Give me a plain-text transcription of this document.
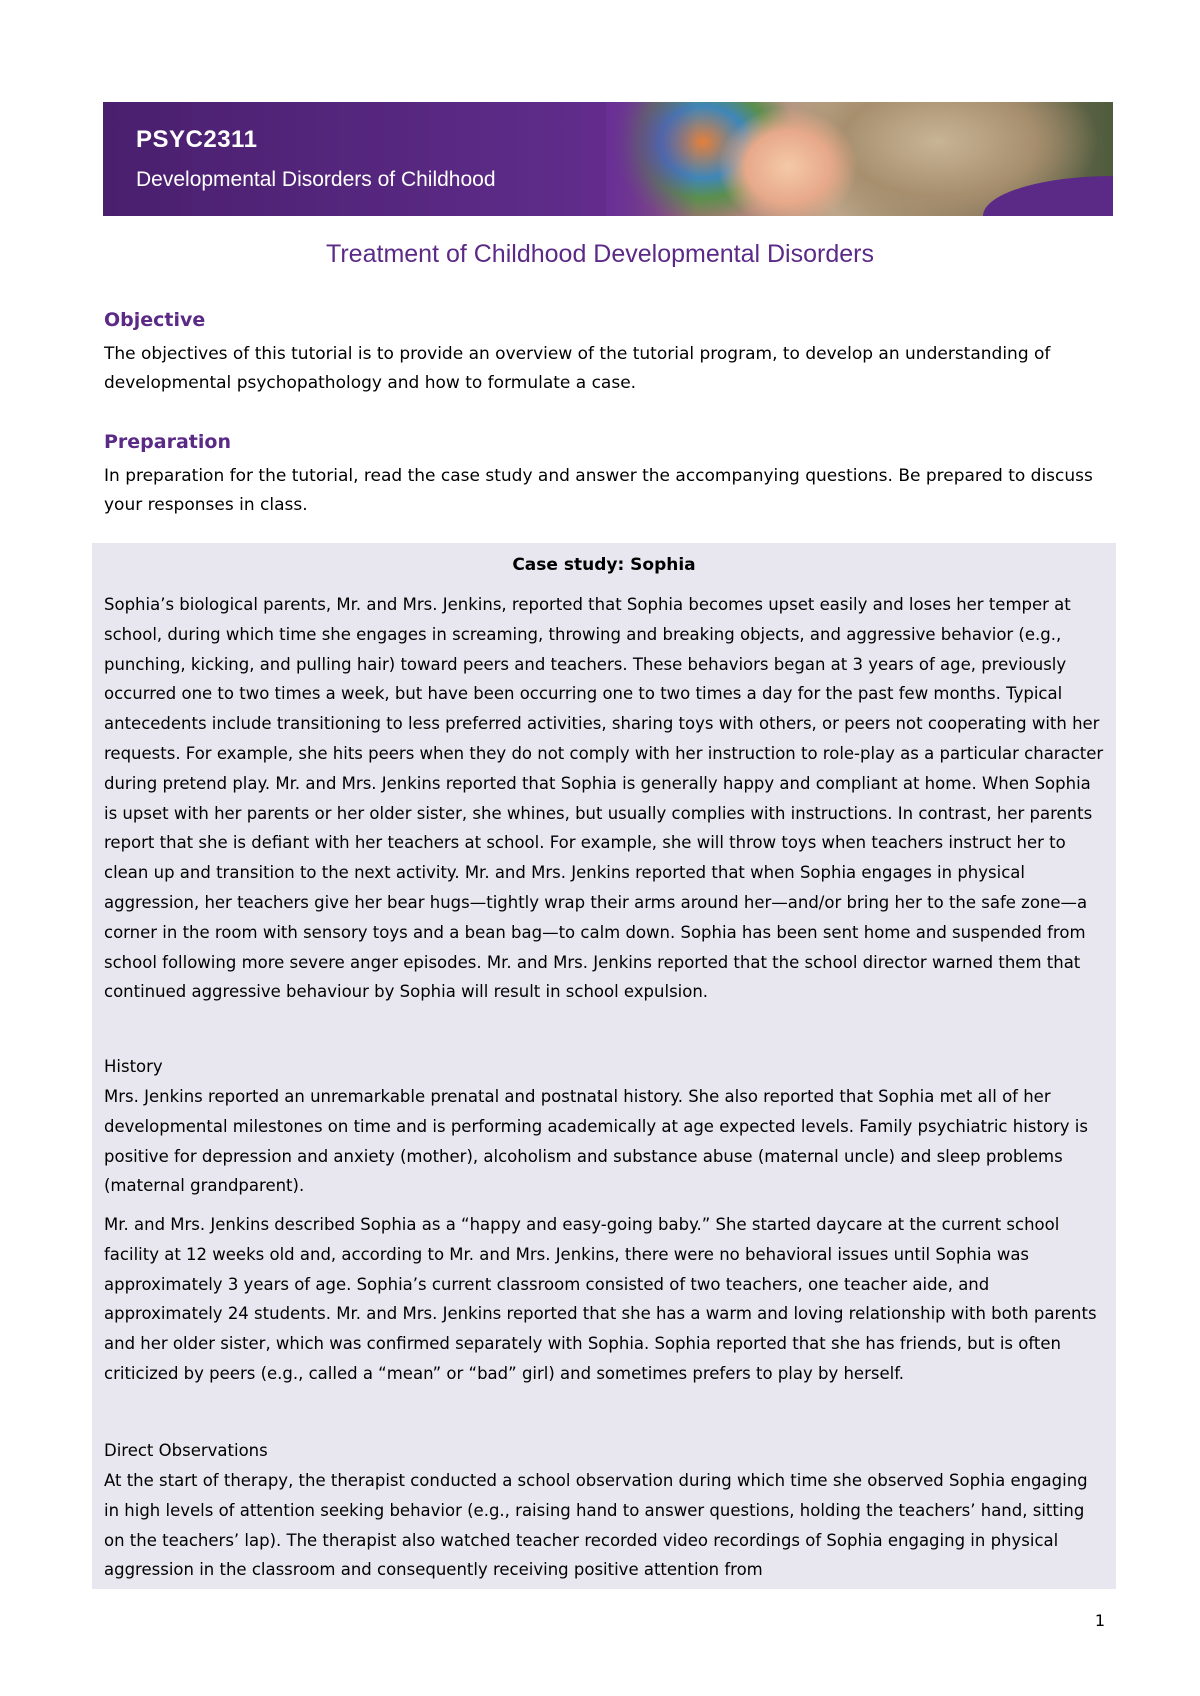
PSYC2311
Developmental Disorders of Childhood
Treatment of Childhood Developmental Disorders
Objective

The objectives of this tutorial is to provide an overview of the tutorial program, to develop an understanding of developmental psychopathology and how to formulate a case.

Preparation

In preparation for the tutorial, read the case study and answer the accompanying questions. Be prepared to discuss your responses in class.

Case study: Sophia

Sophia’s biological parents, Mr. and Mrs. Jenkins, reported that Sophia becomes upset easily and loses her temper at school, during which time she engages in screaming, throwing and breaking objects, and aggressive behavior (e.g., punching, kicking, and pulling hair) toward peers and teachers. These behaviors began at 3 years of age, previously occurred one to two times a week, but have been occurring one to two times a day for the past few months. Typical antecedents include transitioning to less preferred activities, sharing toys with others, or peers not cooperating with her requests. For example, she hits peers when they do not comply with her instruction to role-play as a particular character during pretend play. Mr. and Mrs. Jenkins reported that Sophia is generally happy and compliant at home. When Sophia is upset with her parents or her older sister, she whines, but usually complies with instructions. In contrast, her parents report that she is defiant with her teachers at school. For example, she will throw toys when teachers instruct her to clean up and transition to the next activity. Mr. and Mrs. Jenkins reported that when Sophia engages in physical aggression, her teachers give her bear hugs—tightly wrap their arms around her—and/or bring her to the safe zone—a corner in the room with sensory toys and a bean bag—to calm down. Sophia has been sent home and suspended from school following more severe anger episodes. Mr. and Mrs. Jenkins reported that the school director warned them that continued aggressive behaviour by Sophia will result in school expulsion.

History

Mrs. Jenkins reported an unremarkable prenatal and postnatal history. She also reported that Sophia met all of her developmental milestones on time and is performing academically at age expected levels. Family psychiatric history is positive for depression and anxiety (mother), alcoholism and substance abuse (maternal uncle) and sleep problems (maternal grandparent).

Mr. and Mrs. Jenkins described Sophia as a “happy and easy-going baby.” She started daycare at the current school facility at 12 weeks old and, according to Mr. and Mrs. Jenkins, there were no behavioral issues until Sophia was approximately 3 years of age. Sophia’s current classroom consisted of two teachers, one teacher aide, and approximately 24 students. Mr. and Mrs. Jenkins reported that she has a warm and loving relationship with both parents and her older sister, which was confirmed separately with Sophia. Sophia reported that she has friends, but is often criticized by peers (e.g., called a “mean” or “bad” girl) and sometimes prefers to play by herself.

Direct Observations

At the start of therapy, the therapist conducted a school observation during which time she observed Sophia engaging in high levels of attention seeking behavior (e.g., raising hand to answer questions, holding the teachers’ hand, sitting on the teachers’ lap). The therapist also watched teacher recorded video recordings of Sophia engaging in physical aggression in the classroom and consequently receiving positive attention from

1
